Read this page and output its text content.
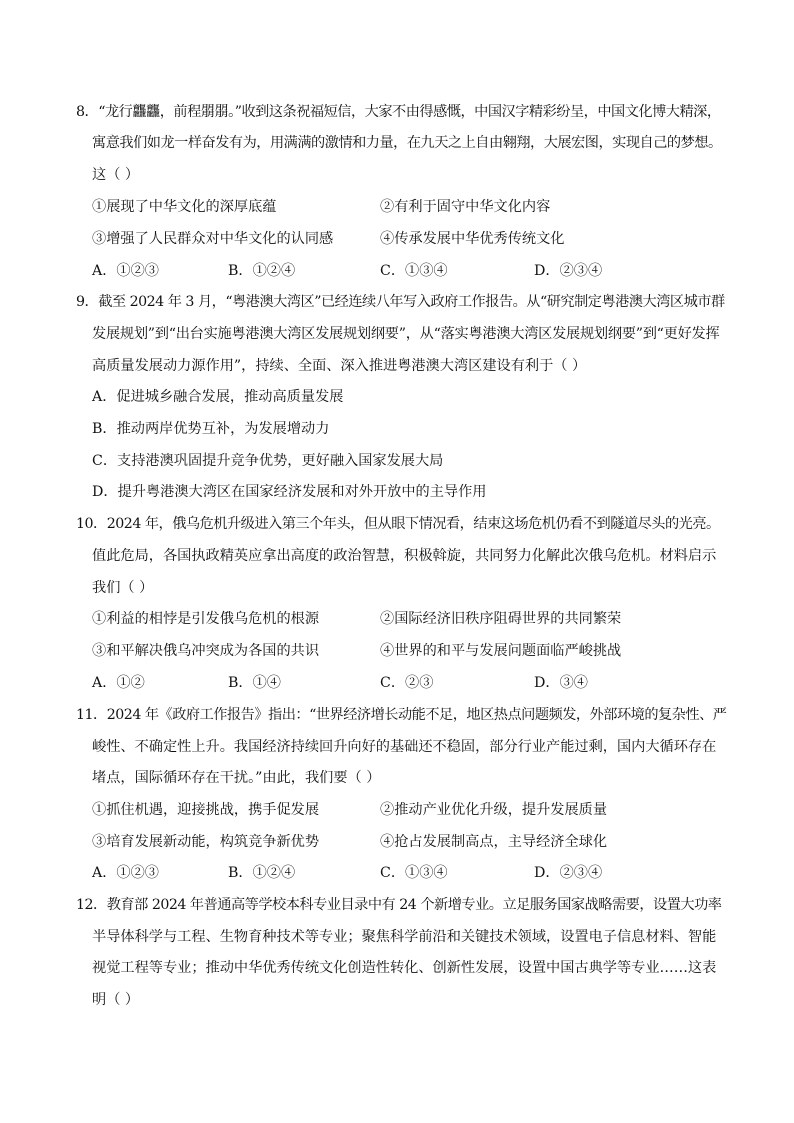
8．“龙行龘龘，前程朤朤。”收到这条祝福短信，大家不由得感慨，中国汉字精彩纷呈，中国文化博大精深，
寓意我们如龙一样奋发有为，用满满的激情和力量，在九天之上自由翱翔，大展宏图，实现自己的梦想。
这（ ）
①展现了中华文化的深厚底蕴	②有利于固守中华文化内容
③增强了人民群众对中华文化的认同感	④传承发展中华优秀传统文化
A．①②③	B．①②④	C．①③④	D．②③④
9．截至 2024 年 3 月，“粤港澳大湾区”已经连续八年写入政府工作报告。从“研究制定粤港澳大湾区城市群
发展规划”到“出台实施粤港澳大湾区发展规划纲要”，从“落实粤港澳大湾区发展规划纲要”到“更好发挥
高质量发展动力源作用”，持续、全面、深入推进粤港澳大湾区建设有利于（ ）
A．促进城乡融合发展，推动高质量发展
B．推动两岸优势互补，为发展增动力
C．支持港澳巩固提升竞争优势，更好融入国家发展大局
D．提升粤港澳大湾区在国家经济发展和对外开放中的主导作用
10．2024 年，俄乌危机升级进入第三个年头，但从眼下情况看，结束这场危机仍看不到隧道尽头的光亮。
值此危局，各国执政精英应拿出高度的政治智慧，积极斡旋，共同努力化解此次俄乌危机。材料启示
我们（ ）
①利益的相悖是引发俄乌危机的根源	②国际经济旧秩序阻碍世界的共同繁荣
③和平解决俄乌冲突成为各国的共识	④世界的和平与发展问题面临严峻挑战
A．①②	B．①④	C．②③	D．③④
11．2024 年《政府工作报告》指出：“世界经济增长动能不足，地区热点问题频发，外部环境的复杂性、严
峻性、不确定性上升。我国经济持续回升向好的基础还不稳固，部分行业产能过剩，国内大循环存在
堵点，国际循环存在干扰。”由此，我们要（ ）
①抓住机遇，迎接挑战，携手促发展	②推动产业优化升级，提升发展质量
③培育发展新动能，构筑竞争新优势	④抢占发展制高点，主导经济全球化
A．①②③	B．①②④	C．①③④	D．②③④
12．教育部 2024 年普通高等学校本科专业目录中有 24 个新增专业。立足服务国家战略需要，设置大功率
半导体科学与工程、生物育种技术等专业；聚焦科学前沿和关键技术领域，设置电子信息材料、智能
视觉工程等专业；推动中华优秀传统文化创造性转化、创新性发展，设置中国古典学等专业……这表
明（ ）
